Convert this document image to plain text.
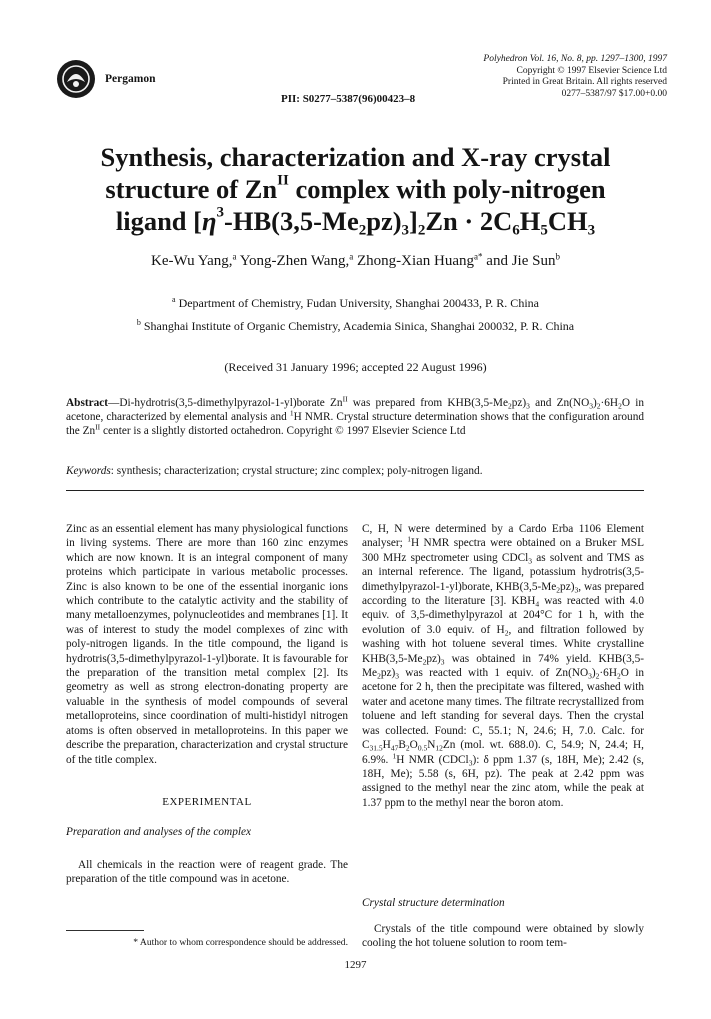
Pergamon
PII: S0277–5387(96)00423–8
Polyhedron Vol. 16, No. 8, pp. 1297–1300, 1997
Copyright © 1997 Elsevier Science Ltd
Printed in Great Britain. All rights reserved
0277–5387/97 $17.00+0.00
Synthesis, characterization and X-ray crystal
structure of $Zn^{II}$ complex with poly-nitrogen
ligand $[\eta^3-HB(3,5-Me_2pz)_3]_2Zn \cdot 2C_6H_5CH_3$
Ke-Wu Yang,$^a$ Yong-Zhen Wang,$^a$ Zhong-Xian Huang$^{a*}$ and Jie Sun$^b$
$^a$ Department of Chemistry, Fudan University, Shanghai 200433, P. R. China
$^b$ Shanghai Institute of Organic Chemistry, Academia Sinica, Shanghai 200032, P. R. China
(Received 31 January 1996; accepted 22 August 1996)
Abstract—Di-hydrotris(3,5-dimethylpyrazol-1-yl)borate $Zn^{II}$ was prepared from $KHB(3,5-Me_2pz)_3$ and $Zn(NO_3)_2\cdot 6H_2O$ in acetone, characterized by elemental analysis and $^1$H NMR. Crystal structure determination shows that the configuration around the $Zn^{II}$ center is a slightly distorted octahedron. Copyright © 1997 Elsevier Science Ltd
Keywords: synthesis; characterization; crystal structure; zinc complex; poly-nitrogen ligand.

Zinc as an essential element has many physiological functions in living systems. There are more than 160 zinc enzymes which are now known. It is an integral component of many proteins which participate in various metabolic processes. Zinc is also known to be one of the essential inorganic ions which contribute to the catalytic activity and the stability of many metalloenzymes, polynucleotides and membranes [1]. It was of interest to study the model complexes of zinc with poly-nitrogen ligands. In the title compound, the ligand is hydrotris(3,5-dimethylpyrazol-1-yl)borate. It is favourable for the preparation of the transition metal complex [2]. Its geometry as well as strong electron-donating property are valuable in the synthesis of model compounds of several metalloproteins, since coordination of multi-histidyl nitrogen atoms is often observed in metalloproteins. In this paper we describe the preparation, characterization and crystal structure of the title complex.

EXPERIMENTAL
Preparation and analyses of the complex

All chemicals in the reaction were of reagent grade. The preparation of the title compound was in acetone.

* Author to whom correspondence should be addressed.

C, H, N were determined by a Cardo Erba 1106 Element analyser; $^1$H NMR spectra were obtained on a Bruker MSL 300 MHz spectrometer using CDCl$_3$ as solvent and TMS as an internal reference. The ligand, potassium hydrotris(3,5-dimethylpyrazol-1-yl)borate, $KHB(3,5-Me_2pz)_3$, was prepared according to the literature [3]. $KBH_4$ was reacted with 4.0 equiv. of 3,5-dimethylpyrazol at 204°C for 1 h, with the evolution of 3.0 equiv. of $H_2$, and filtration followed by washing with hot toluene several times. White crystalline $KHB(3,5-Me_2pz)_3$ was obtained in 74% yield. $KHB(3,5-Me_2pz)_3$ was reacted with 1 equiv. of $Zn(NO_3)_2\cdot 6H_2O$ in acetone for 2 h, then the precipitate was filtered, washed with water and acetone many times. The filtrate recrystallized from toluene and left standing for several days. Then the crystal was collected. Found: C, 55.1; N, 24.6; H, 7.0. Calc. for $C_{31.5}H_{47}B_2O_{0.5}N_{12}Zn$ (mol. wt. 688.0). C, 54.9; N, 24.4; H, 6.9%. $^1$H NMR (CDCl$_3$): δ ppm 1.37 (s, 18H, Me); 2.42 (s, 18H, Me); 5.58 (s, 6H, pz). The peak at 2.42 ppm was assigned to the methyl near the zinc atom, while the peak at 1.37 ppm to the methyl near the boron atom.

Crystal structure determination

Crystals of the title compound were obtained by slowly cooling the hot toluene solution to room tem-

1297
